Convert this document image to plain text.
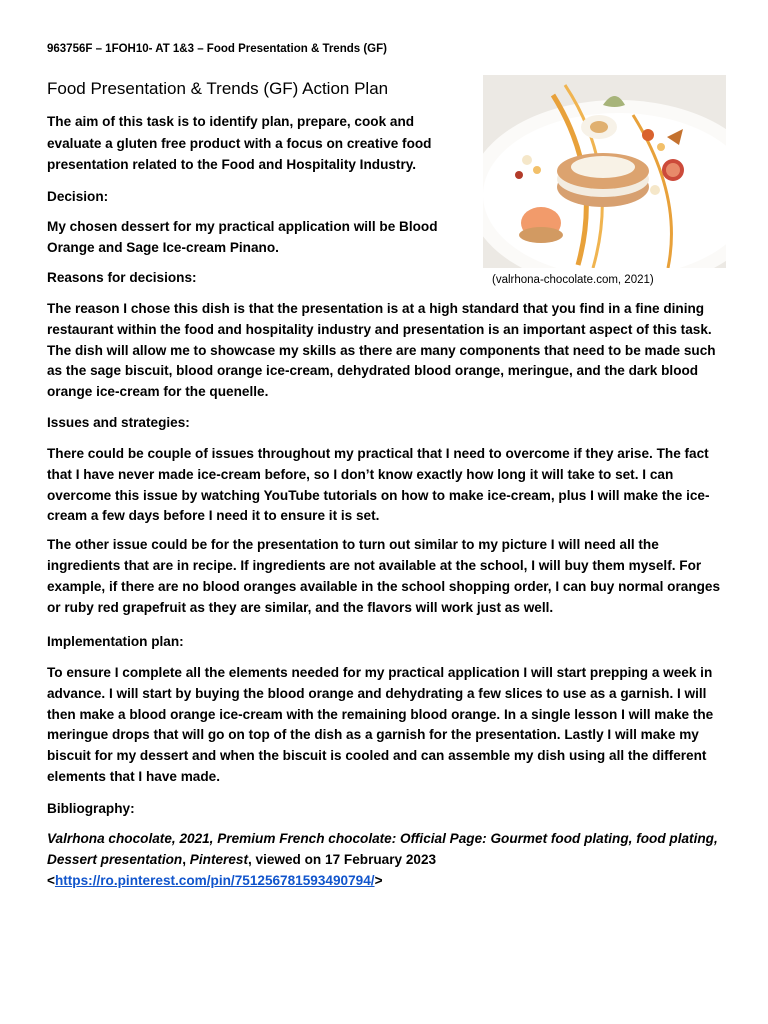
963756F – 1FOH10- AT 1&3 – Food Presentation & Trends (GF)
Food Presentation & Trends (GF) Action Plan

The aim of this task is to identify plan, prepare, cook and evaluate a gluten free product with a focus on creative food presentation related to the Food and Hospitality Industry.

Decision:

My chosen dessert for my practical application will be Blood Orange and Sage Ice-cream Pinano.

Reasons for decisions:	(valrhona-chocolate.com, 2021)

The reason I chose this dish is that the presentation is at a high standard that you find in a fine dining restaurant within the food and hospitality industry and presentation is an important aspect of this task. The dish will allow me to showcase my skills as there are many components that need to be made such as the sage biscuit, blood orange ice-cream, dehydrated blood orange, meringue, and the dark blood orange ice-cream for the quenelle.

Issues and strategies:

There could be couple of issues throughout my practical that I need to overcome if they arise. The fact that I have never made ice-cream before, so I don’t know exactly how long it will take to set. I can overcome this issue by watching YouTube tutorials on how to make ice-cream, plus I will make the ice-cream a few days before I need it to ensure it is set.

The other issue could be for the presentation to turn out similar to my picture I will need all the ingredients that are in recipe. If ingredients are not available at the school, I will buy them myself. For example, if there are no blood oranges available in the school shopping order, I can buy normal oranges or ruby red grapefruit as they are similar, and the flavors will work just as well.

Implementation plan:

To ensure I complete all the elements needed for my practical application I will start prepping a week in advance. I will start by buying the blood orange and dehydrating a few slices to use as a garnish. I will then make a blood orange ice-cream with the remaining blood orange. In a single lesson I will make the meringue drops that will go on top of the dish as a garnish for the presentation. Lastly I will make my biscuit for my dessert and when the biscuit is cooled and can assemble my dish using all the different elements that I have made.

Bibliography:

Valrhona chocolate, 2021, Premium French chocolate: Official Page: Gourmet food plating, food plating, Dessert presentation, Pinterest, viewed on 17 February 2023
<https://ro.pinterest.com/pin/751256781593490794/>
